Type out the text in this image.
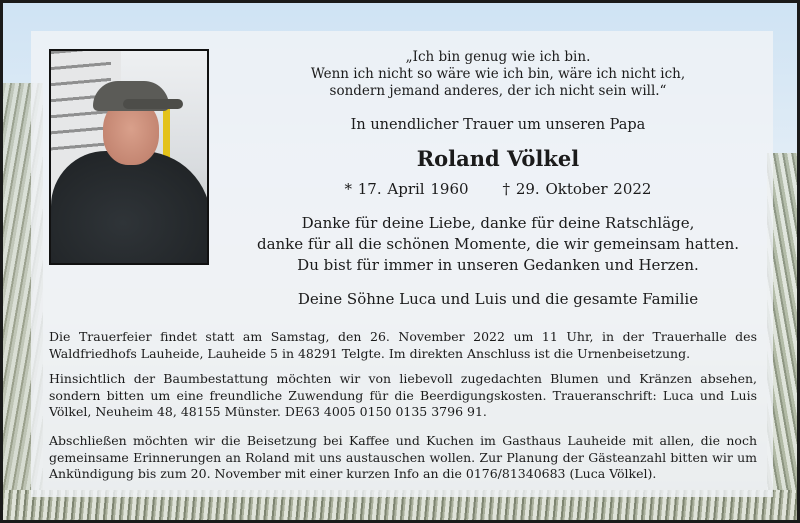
„Ich bin genug wie ich bin.
Wenn ich nicht so wäre wie ich bin, wäre ich nicht ich,
sondern jemand anderes, der ich nicht sein will.“
In unendlicher Trauer um unseren Papa
Roland Völkel
* 17. April 1960 † 29. Oktober 2022
Danke für deine Liebe, danke für deine Ratschläge,
danke für all die schönen Momente, die wir gemeinsam hatten.
Du bist für immer in unseren Gedanken und Herzen.
Deine Söhne Luca und Luis und die gesamte Familie
Die Trauerfeier findet statt am Samstag, den 26. November 2022 um 11 Uhr, in der Trauerhalle des Waldfriedhofs Lauheide, Lauheide 5 in 48291 Telgte. Im direkten Anschluss ist die Urnenbeisetzung.
Hinsichtlich der Baumbestattung möchten wir von liebevoll zugedachten Blumen und Kränzen absehen, sondern bitten um eine freundliche Zuwendung für die Beerdigungskosten. Traueranschrift: Luca und Luis Völkel, Neuheim 48, 48155 Münster. DE63 4005 0150 0135 3796 91.
Abschließen möchten wir die Beisetzung bei Kaffee und Kuchen im Gasthaus Lauheide mit allen, die noch gemeinsame Erinnerungen an Roland mit uns austauschen wollen. Zur Planung der Gästeanzahl bitten wir um Ankündigung bis zum 20. November mit einer kurzen Info an die 0176/81340683 (Luca Völkel).
